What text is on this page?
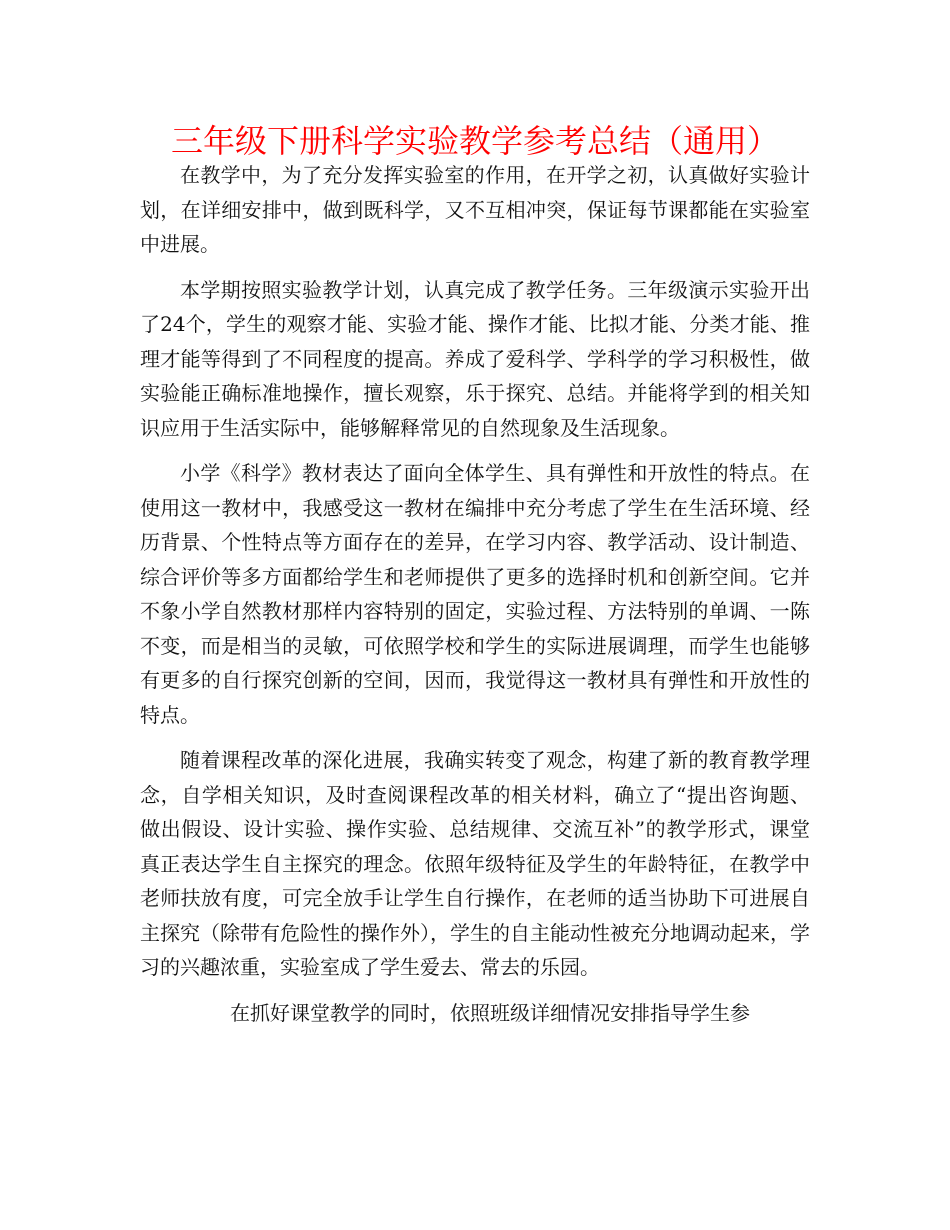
三年级下册科学实验教学参考总结（通用）

在教学中，为了充分发挥实验室的作用，在开学之初，认真做好实验计划，在详细安排中，做到既科学，又不互相冲突，保证每节课都能在实验室中进展。

本学期按照实验教学计划，认真完成了教学任务。三年级演示实验开出了24个，学生的观察才能、实验才能、操作才能、比拟才能、分类才能、推理才能等得到了不同程度的提高。养成了爱科学、学科学的学习积极性，做实验能正确标准地操作，擅长观察，乐于探究、总结。并能将学到的相关知识应用于生活实际中，能够解释常见的自然现象及生活现象。

小学《科学》教材表达了面向全体学生、具有弹性和开放性的特点。在使用这一教材中，我感受这一教材在编排中充分考虑了学生在生活环境、经历背景、个性特点等方面存在的差异，在学习内容、教学活动、设计制造、综合评价等多方面都给学生和老师提供了更多的选择时机和创新空间。它并不象小学自然教材那样内容特别的固定，实验过程、方法特别的单调、一陈不变，而是相当的灵敏，可依照学校和学生的实际进展调理，而学生也能够有更多的自行探究创新的空间，因而，我觉得这一教材具有弹性和开放性的特点。

随着课程改革的深化进展，我确实转变了观念，构建了新的教育教学理念，自学相关知识，及时查阅课程改革的相关材料，确立了“提出咨询题、做出假设、设计实验、操作实验、总结规律、交流互补”的教学形式，课堂真正表达学生自主探究的理念。依照年级特征及学生的年龄特征，在教学中老师扶放有度，可完全放手让学生自行操作，在老师的适当协助下可进展自主探究（除带有危险性的操作外），学生的自主能动性被充分地调动起来，学习的兴趣浓重，实验室成了学生爱去、常去的乐园。

在抓好课堂教学的同时，依照班级详细情况安排指导学生参
